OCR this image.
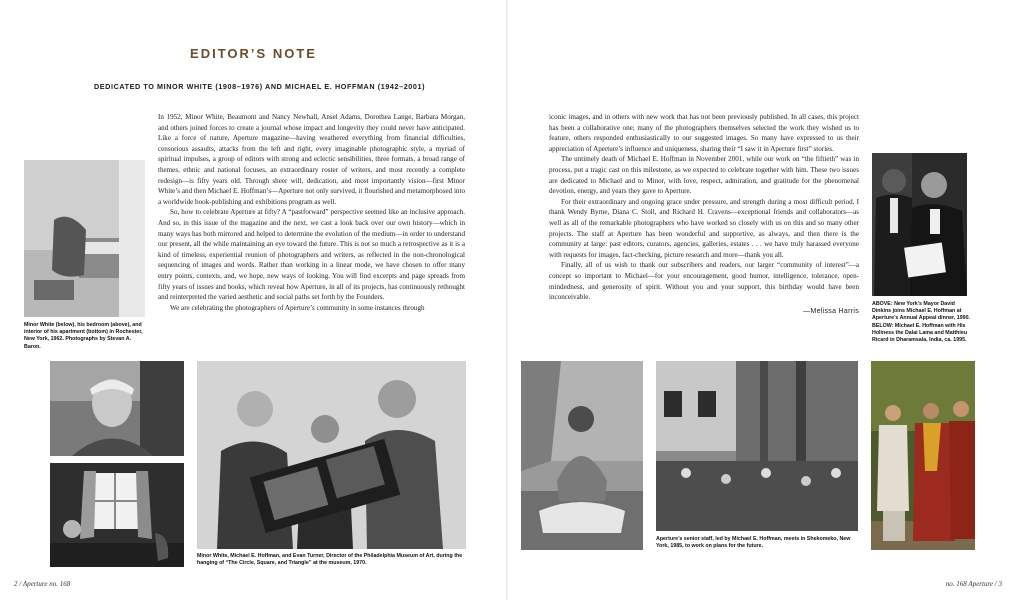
EDITOR’S NOTE
DEDICATED TO MINOR WHITE (1908–1976) AND MICHAEL E. HOFFMAN (1942–2001)

In 1952, Minor White, Beaumont and Nancy Newhall, Ansel Adams, Dorothea Lange, Barbara Morgan, and others joined forces to create a journal whose impact and longevity they could never have anticipated. Like a force of nature, Aperture magazine—having weathered everything from financial difficulties, censorious assaults, attacks from the left and right, every imaginable photographic style, a myriad of spiritual impulses, a group of editors with strong and eclectic sensibilities, three formats, a broad range of themes, ethnic and national focuses, an extraordinary roster of writers, and most recently a complete redesign—is fifty years old. Through sheer will, dedication, and most importantly vision—first Minor White’s and then Michael E. Hoffman’s—Aperture not only survived, it flourished and metamorphosed into a worldwide book-publishing and exhibitions program as well.

So, how to celebrate Aperture at fifty? A “pastforward” perspective seemed like an inclusive approach. And so, in this issue of the magazine and the next, we cast a look back over our own history—which in many ways has both mirrored and helped to determine the evolution of the medium—in order to understand our present, all the while maintaining an eye toward the future. This is not so much a retrospective as it is a kind of timeless, experiential reunion of photographers and writers, as reflected in the non-chronological sequencing of images and words. Rather than working in a linear mode, we have chosen to offer many entry points, contexts, and, we hope, new ways of looking. You will find excerpts and page spreads from fifty years of issues and books, which reveal how Aperture, in all of its projects, has continuously rethought and reinterpreted the varied aesthetic and social paths set forth by the Founders.

We are celebrating the photographers of Aperture’s community in some instances through

iconic images, and in others with new work that has not been previously published. In all cases, this project has been a collaborative one; many of the photographers themselves selected the work they wished us to feature, others responded enthusiastically to our suggested images. So many have expressed to us their appreciation of Aperture’s influence and uniqueness, sharing their “I saw it in Aperture first” stories.

The untimely death of Michael E. Hoffman in November 2001, while our work on “the fiftieth” was in process, put a tragic cast on this milestone, as we expected to celebrate together with him. These two issues are dedicated to Michael and to Minor, with love, respect, admiration, and gratitude for the phenomenal devotion, energy, and years they gave to Aperture.

For their extraordinary and ongoing grace under pressure, and strength during a most difficult period, I thank Wendy Byrne, Diana C. Stoll, and Richard H. Cravens—exceptional friends and collaborators—as well as all of the remarkable photographers who have worked so closely with us on this and so many other projects. The staff at Aperture has been wonderful and supportive, as always, and then there is the community at large: past editors, curators, agencies, galleries, estates . . . we have truly harassed everyone with requests for images, fact-checking, picture research and more—thank you all.

Finally, all of us wish to thank our subscribers and readers, our larger “community of interest”—a concept so important to Michael—for your encouragement, good humor, intelligence, tolerance, open-mindedness, and generosity of spirit. Without you and your support, this birthday would have been inconceivable.

—Melissa Harris
Minor White (below), his bedroom (above), and interior of his apartment (bottom) in Rochester, New York, 1962. Photographs by Stevan A. Baron.
ABOVE: New York’s Mayor David Dinkins joins Michael E. Hoffman at Aperture’s Annual Appeal dinner, 1990. BELOW: Michael E. Hoffman with His Holiness the Dalai Lama and Matthieu Ricard in Dharamsala, India, ca. 1995.
Minor White, Michael E. Hoffman, and Evan Turner, Director of the Philadelphia Museum of Art, during the hanging of “The Circle, Square, and Triangle” at the museum, 1970.
Aperture’s senior staff, led by Michael E. Hoffman, meets in Shekomeko, New York, 1985, to work on plans for the future.
2 / Aperture no. 168	no. 168 Aperture / 3
